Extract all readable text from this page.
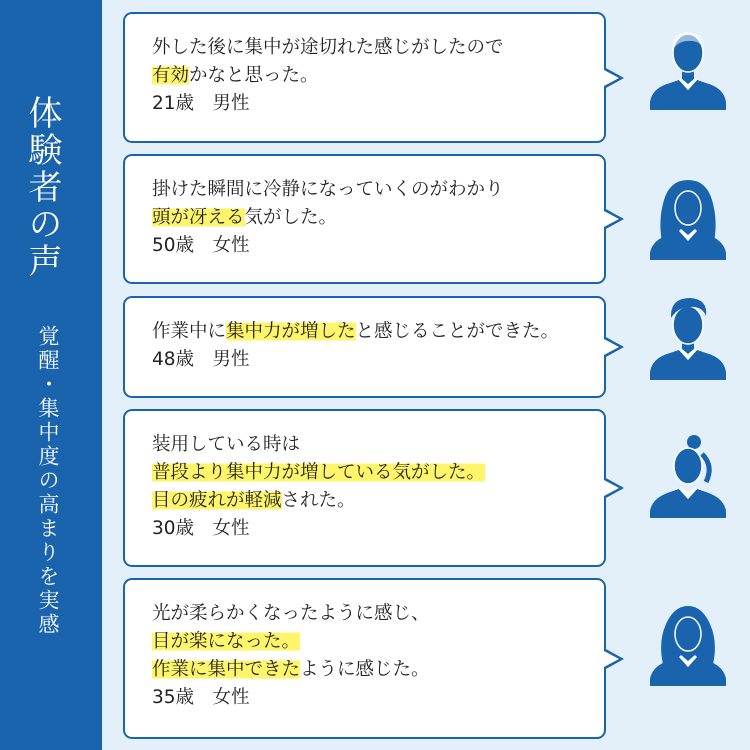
体験者の声
覚醒・集中度の高まりを実感
外した後に集中が途切れた感じがしたので
有効かなと思った。
21歳　男性
掛けた瞬間に冷静になっていくのがわかり
頭が冴える気がした。
50歳　女性
作業中に集中力が増したと感じることができた。
48歳　男性
装用している時は
普段より集中力が増している気がした。
目の疲れが軽減された。
30歳　女性
光が柔らかくなったように感じ、
目が楽になった。
作業に集中できたように感じた。
35歳　女性
